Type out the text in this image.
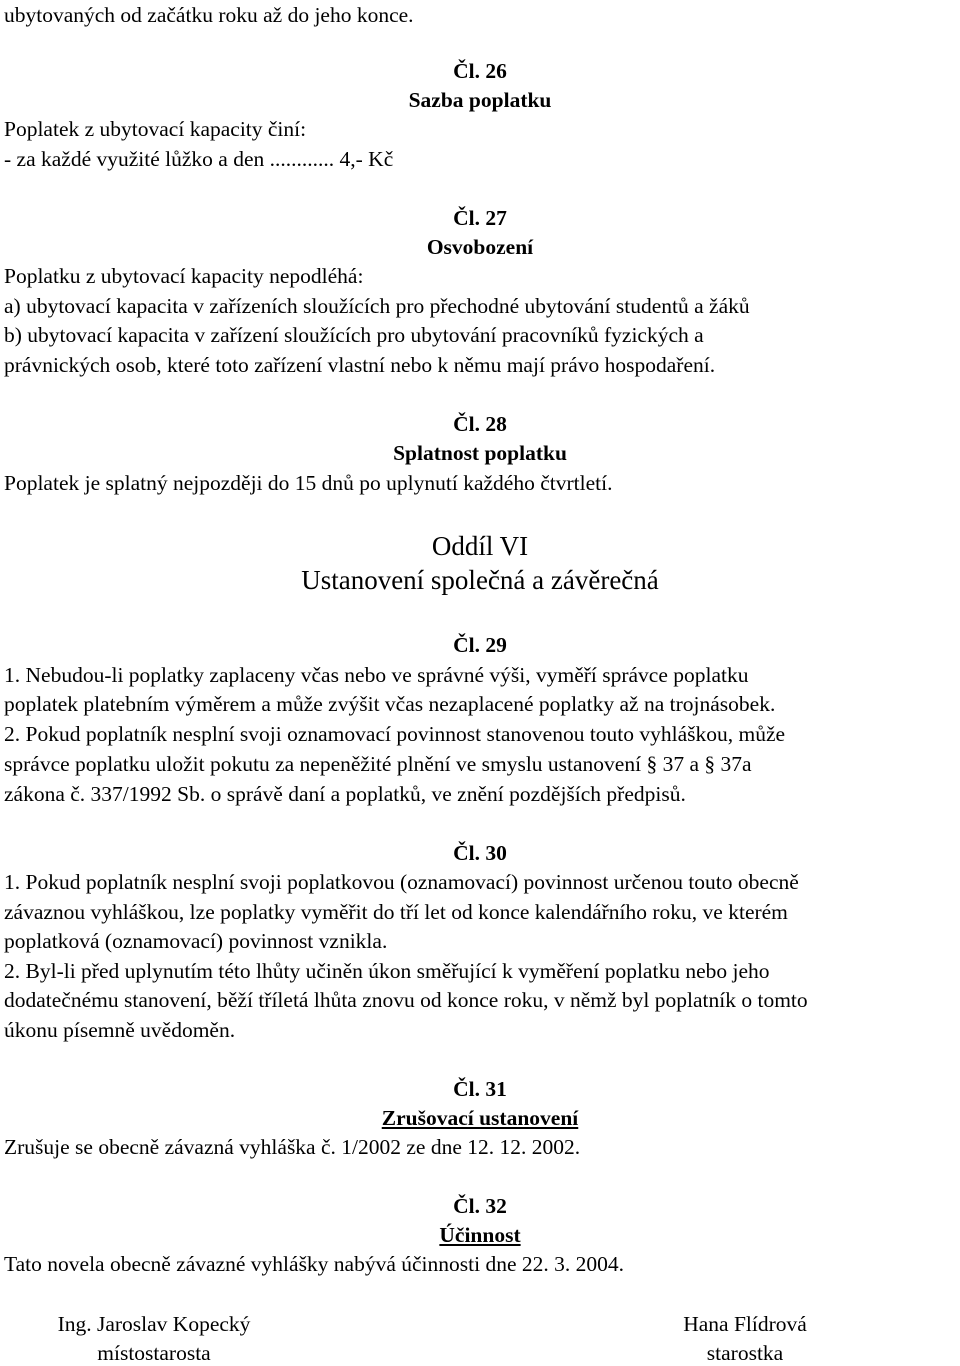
ubytovaných od začátku roku až do jeho konce.
Čl. 26
Sazba poplatku
Poplatek z ubytovací kapacity činí:
- za každé využité lůžko a den ............ 4,- Kč
Čl. 27
Osvobození
Poplatku z ubytovací kapacity nepodléhá:
a) ubytovací kapacita v zařízeních sloužících pro přechodné ubytování studentů a žáků
b) ubytovací kapacita v zařízení sloužících pro ubytování pracovníků fyzických a
právnických osob, které toto zařízení vlastní nebo k němu mají právo hospodaření.
Čl. 28
Splatnost poplatku
Poplatek je splatný nejpozději do 15 dnů po uplynutí každého čtvrtletí.
Oddíl VI
Ustanovení společná a závěrečná
Čl. 29
1. Nebudou-li poplatky zaplaceny včas nebo ve správné výši, vyměří správce poplatku
poplatek platebním výměrem a může zvýšit včas nezaplacené poplatky až na trojnásobek.
2. Pokud poplatník nesplní svoji oznamovací povinnost stanovenou touto vyhláškou, může
správce poplatku uložit pokutu za nepeněžité plnění ve smyslu ustanovení § 37 a § 37a
zákona č. 337/1992 Sb. o správě daní a poplatků, ve znění pozdějších předpisů.
Čl. 30
1. Pokud poplatník nesplní svoji poplatkovou (oznamovací) povinnost určenou touto obecně
závaznou vyhláškou, lze poplatky vyměřit do tří let od konce kalendářního roku, ve kterém
poplatková (oznamovací) povinnost vznikla.
2. Byl-li před uplynutím této lhůty učiněn úkon směřující k vyměření poplatku nebo jeho
dodatečnému stanovení, běží tříletá lhůta znovu od konce roku, v němž byl poplatník o tomto
úkonu písemně uvědoměn.
Čl. 31
Zrušovací ustanovení
Zrušuje se obecně závazná vyhláška č. 1/2002 ze dne 12. 12. 2002.
Čl. 32
Účinnost
Tato novela obecně závazné vyhlášky nabývá účinnosti dne 22. 3. 2004.
Ing. Jaroslav Kopecký
místostarosta
Hana Flídrová
starostka
